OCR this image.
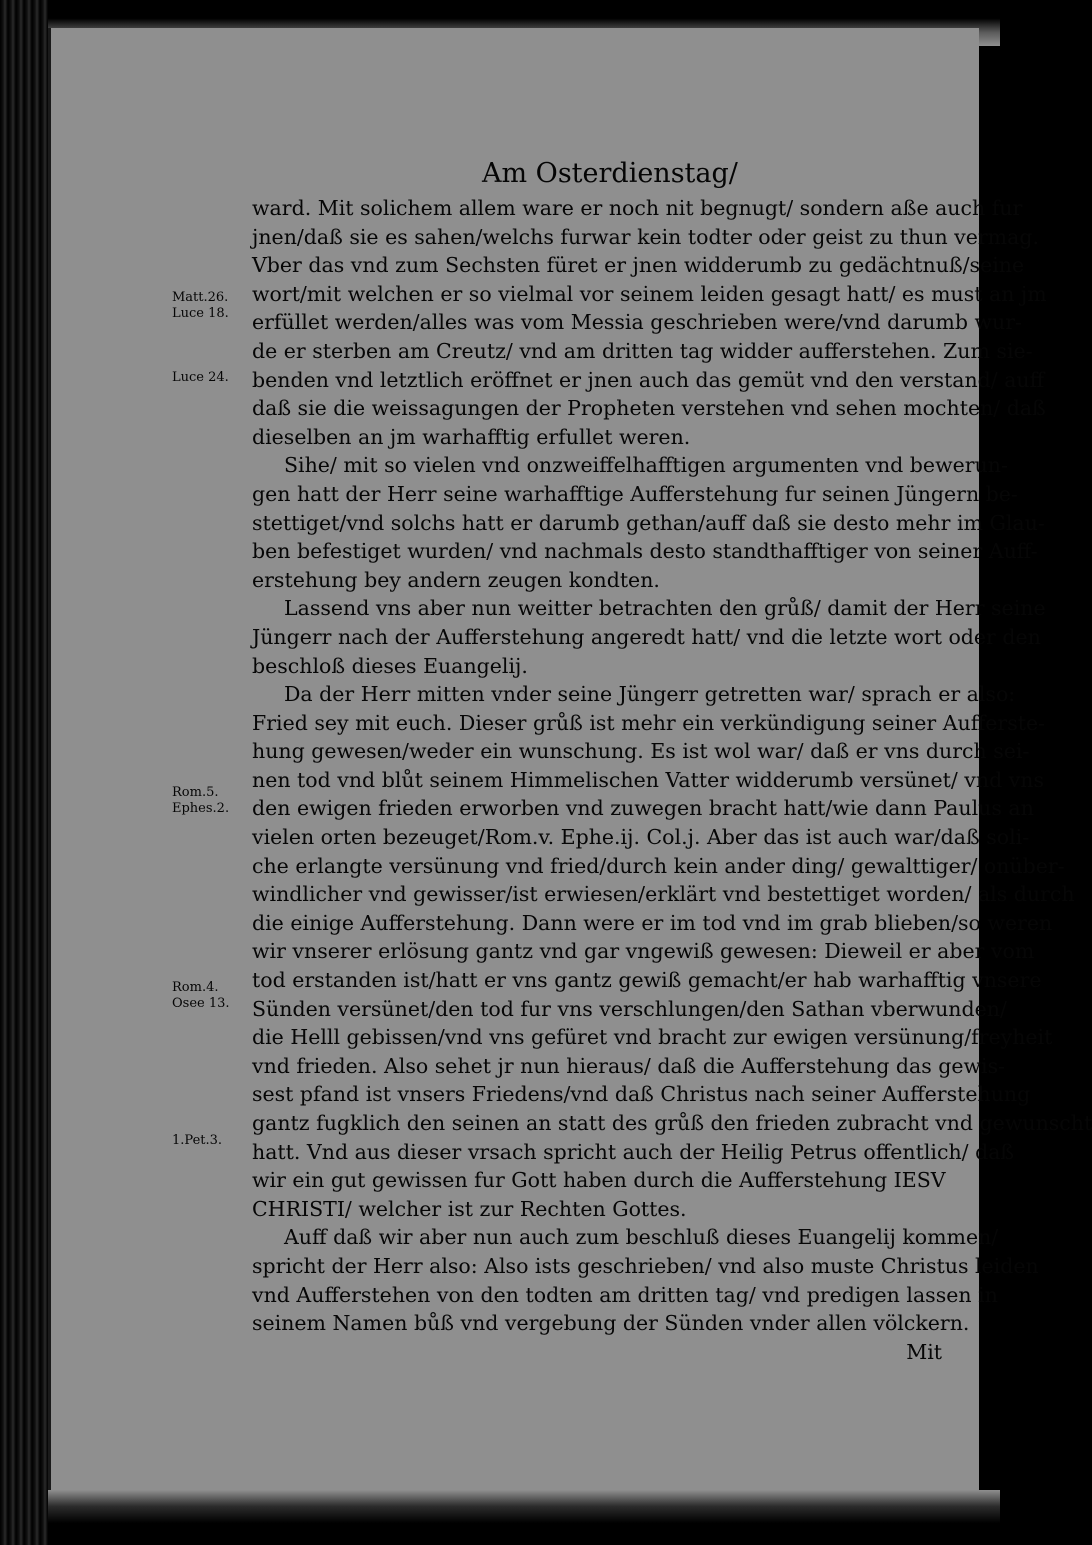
Am Osterdienstag/
ward. Mit solichem allem ware er noch nit begnugt/ sondern aße auch fur
jnen/daß sie es sahen/welchs furwar kein todter oder geist zu thun vermag.
Vber das vnd zum Sechsten füret er jnen widderumb zu gedächtnuß/seine
wort/mit welchen er so vielmal vor seinem leiden gesagt hatt/ es must an jm
erfüllet werden/alles was vom Messia geschrieben were/vnd darumb wur-
de er sterben am Creutz/ vnd am dritten tag widder aufferstehen. Zum sie-
benden vnd letztlich eröffnet er jnen auch das gemüt vnd den verstand/ auff
daß sie die weissagungen der Propheten verstehen vnd sehen mochten/ daß
dieselben an jm warhafftig erfullet weren.
Sihe/ mit so vielen vnd onzweiffelhafftigen argumenten vnd bewerun-
gen hatt der Herr seine warhafftige Aufferstehung fur seinen Jüngern be-
stettiget/vnd solchs hatt er darumb gethan/auff daß sie desto mehr im Glau-
ben befestiget wurden/ vnd nachmals desto standthafftiger von seiner Auff-
erstehung bey andern zeugen kondten.
Lassend vns aber nun weitter betrachten den grůß/ damit der Herr seine
Jüngerr nach der Aufferstehung angeredt hatt/ vnd die letzte wort oder den
beschloß dieses Euangelij.
Da der Herr mitten vnder seine Jüngerr getretten war/ sprach er also:
Fried sey mit euch. Dieser grůß ist mehr ein verkündigung seiner Aufferste-
hung gewesen/weder ein wunschung. Es ist wol war/ daß er vns durch sei-
nen tod vnd blůt seinem Himmelischen Vatter widderumb versünet/ vnd vns
den ewigen frieden erworben vnd zuwegen bracht hatt/wie dann Paulus an
vielen orten bezeuget/Rom.v. Ephe.ij. Col.j. Aber das ist auch war/daß soli-
che erlangte versünung vnd fried/durch kein ander ding/ gewalttiger/ onüber-
windlicher vnd gewisser/ist erwiesen/erklärt vnd bestettiget worden/ als durch
die einige Aufferstehung. Dann were er im tod vnd im grab blieben/so weren
wir vnserer erlösung gantz vnd gar vngewiß gewesen: Dieweil er aber vom
tod erstanden ist/hatt er vns gantz gewiß gemacht/er hab warhafftig vnsere
Sünden versünet/den tod fur vns verschlungen/den Sathan vberwunden/
die Helll gebissen/vnd vns gefüret vnd bracht zur ewigen versünung/freyheit
vnd frieden. Also sehet jr nun hieraus/ daß die Aufferstehung das gewis-
sest pfand ist vnsers Friedens/vnd daß Christus nach seiner Aufferstehung
gantz fugklich den seinen an statt des grůß den frieden zubracht vnd gewunscht
hatt. Vnd aus dieser vrsach spricht auch der Heilig Petrus offentlich/ daß
wir ein gut gewissen fur Gott haben durch die Aufferstehung IESV
CHRISTI/ welcher ist zur Rechten Gottes.
Auff daß wir aber nun auch zum beschluß dieses Euangelij kommen/
spricht der Herr also: Also ists geschrieben/ vnd also muste Christus leiden
vnd Aufferstehen von den todten am dritten tag/ vnd predigen lassen in
seinem Namen bůß vnd vergebung der Sünden vnder allen völckern.
Mit
Matt.26.
Luce 18.
Luce 24.
Rom.5.
Ephes.2.
Rom.4.
Osee 13.
1.Pet.3.
